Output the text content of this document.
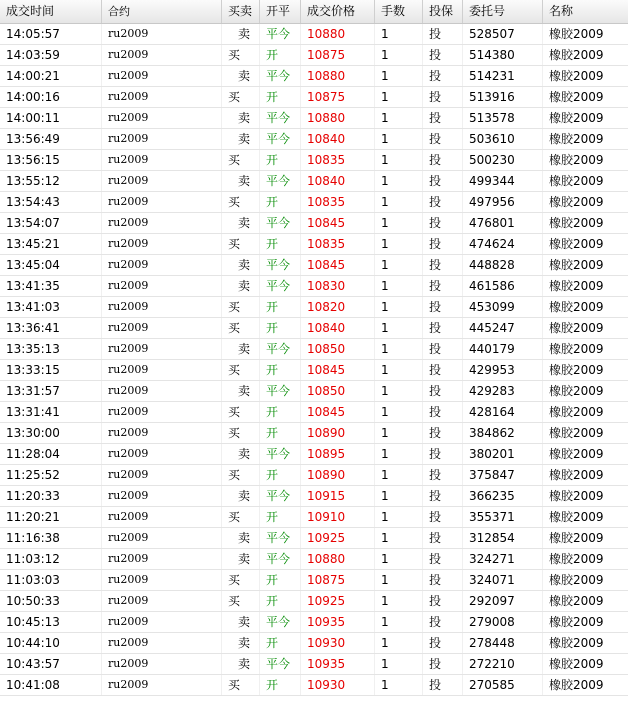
成交时间	合约	买卖	开平	成交价格	手数	投保	委托号	名称
14:05:57	ru2009	卖	平今	10880	1	投	528507	橡胶2009
14:03:59	ru2009	买	开	10875	1	投	514380	橡胶2009
14:00:21	ru2009	卖	平今	10880	1	投	514231	橡胶2009
14:00:16	ru2009	买	开	10875	1	投	513916	橡胶2009
14:00:11	ru2009	卖	平今	10880	1	投	513578	橡胶2009
13:56:49	ru2009	卖	平今	10840	1	投	503610	橡胶2009
13:56:15	ru2009	买	开	10835	1	投	500230	橡胶2009
13:55:12	ru2009	卖	平今	10840	1	投	499344	橡胶2009
13:54:43	ru2009	买	开	10835	1	投	497956	橡胶2009
13:54:07	ru2009	卖	平今	10845	1	投	476801	橡胶2009
13:45:21	ru2009	买	开	10835	1	投	474624	橡胶2009
13:45:04	ru2009	卖	平今	10845	1	投	448828	橡胶2009
13:41:35	ru2009	卖	平今	10830	1	投	461586	橡胶2009
13:41:03	ru2009	买	开	10820	1	投	453099	橡胶2009
13:36:41	ru2009	买	开	10840	1	投	445247	橡胶2009
13:35:13	ru2009	卖	平今	10850	1	投	440179	橡胶2009
13:33:15	ru2009	买	开	10845	1	投	429953	橡胶2009
13:31:57	ru2009	卖	平今	10850	1	投	429283	橡胶2009
13:31:41	ru2009	买	开	10845	1	投	428164	橡胶2009
13:30:00	ru2009	买	开	10890	1	投	384862	橡胶2009
11:28:04	ru2009	卖	平今	10895	1	投	380201	橡胶2009
11:25:52	ru2009	买	开	10890	1	投	375847	橡胶2009
11:20:33	ru2009	卖	平今	10915	1	投	366235	橡胶2009
11:20:21	ru2009	买	开	10910	1	投	355371	橡胶2009
11:16:38	ru2009	卖	平今	10925	1	投	312854	橡胶2009
11:03:12	ru2009	卖	平今	10880	1	投	324271	橡胶2009
11:03:03	ru2009	买	开	10875	1	投	324071	橡胶2009
10:50:33	ru2009	买	开	10925	1	投	292097	橡胶2009
10:45:13	ru2009	卖	平今	10935	1	投	279008	橡胶2009
10:44:10	ru2009	卖	开	10930	1	投	278448	橡胶2009
10:43:57	ru2009	卖	平今	10935	1	投	272210	橡胶2009
10:41:08	ru2009	买	开	10930	1	投	270585	橡胶2009
